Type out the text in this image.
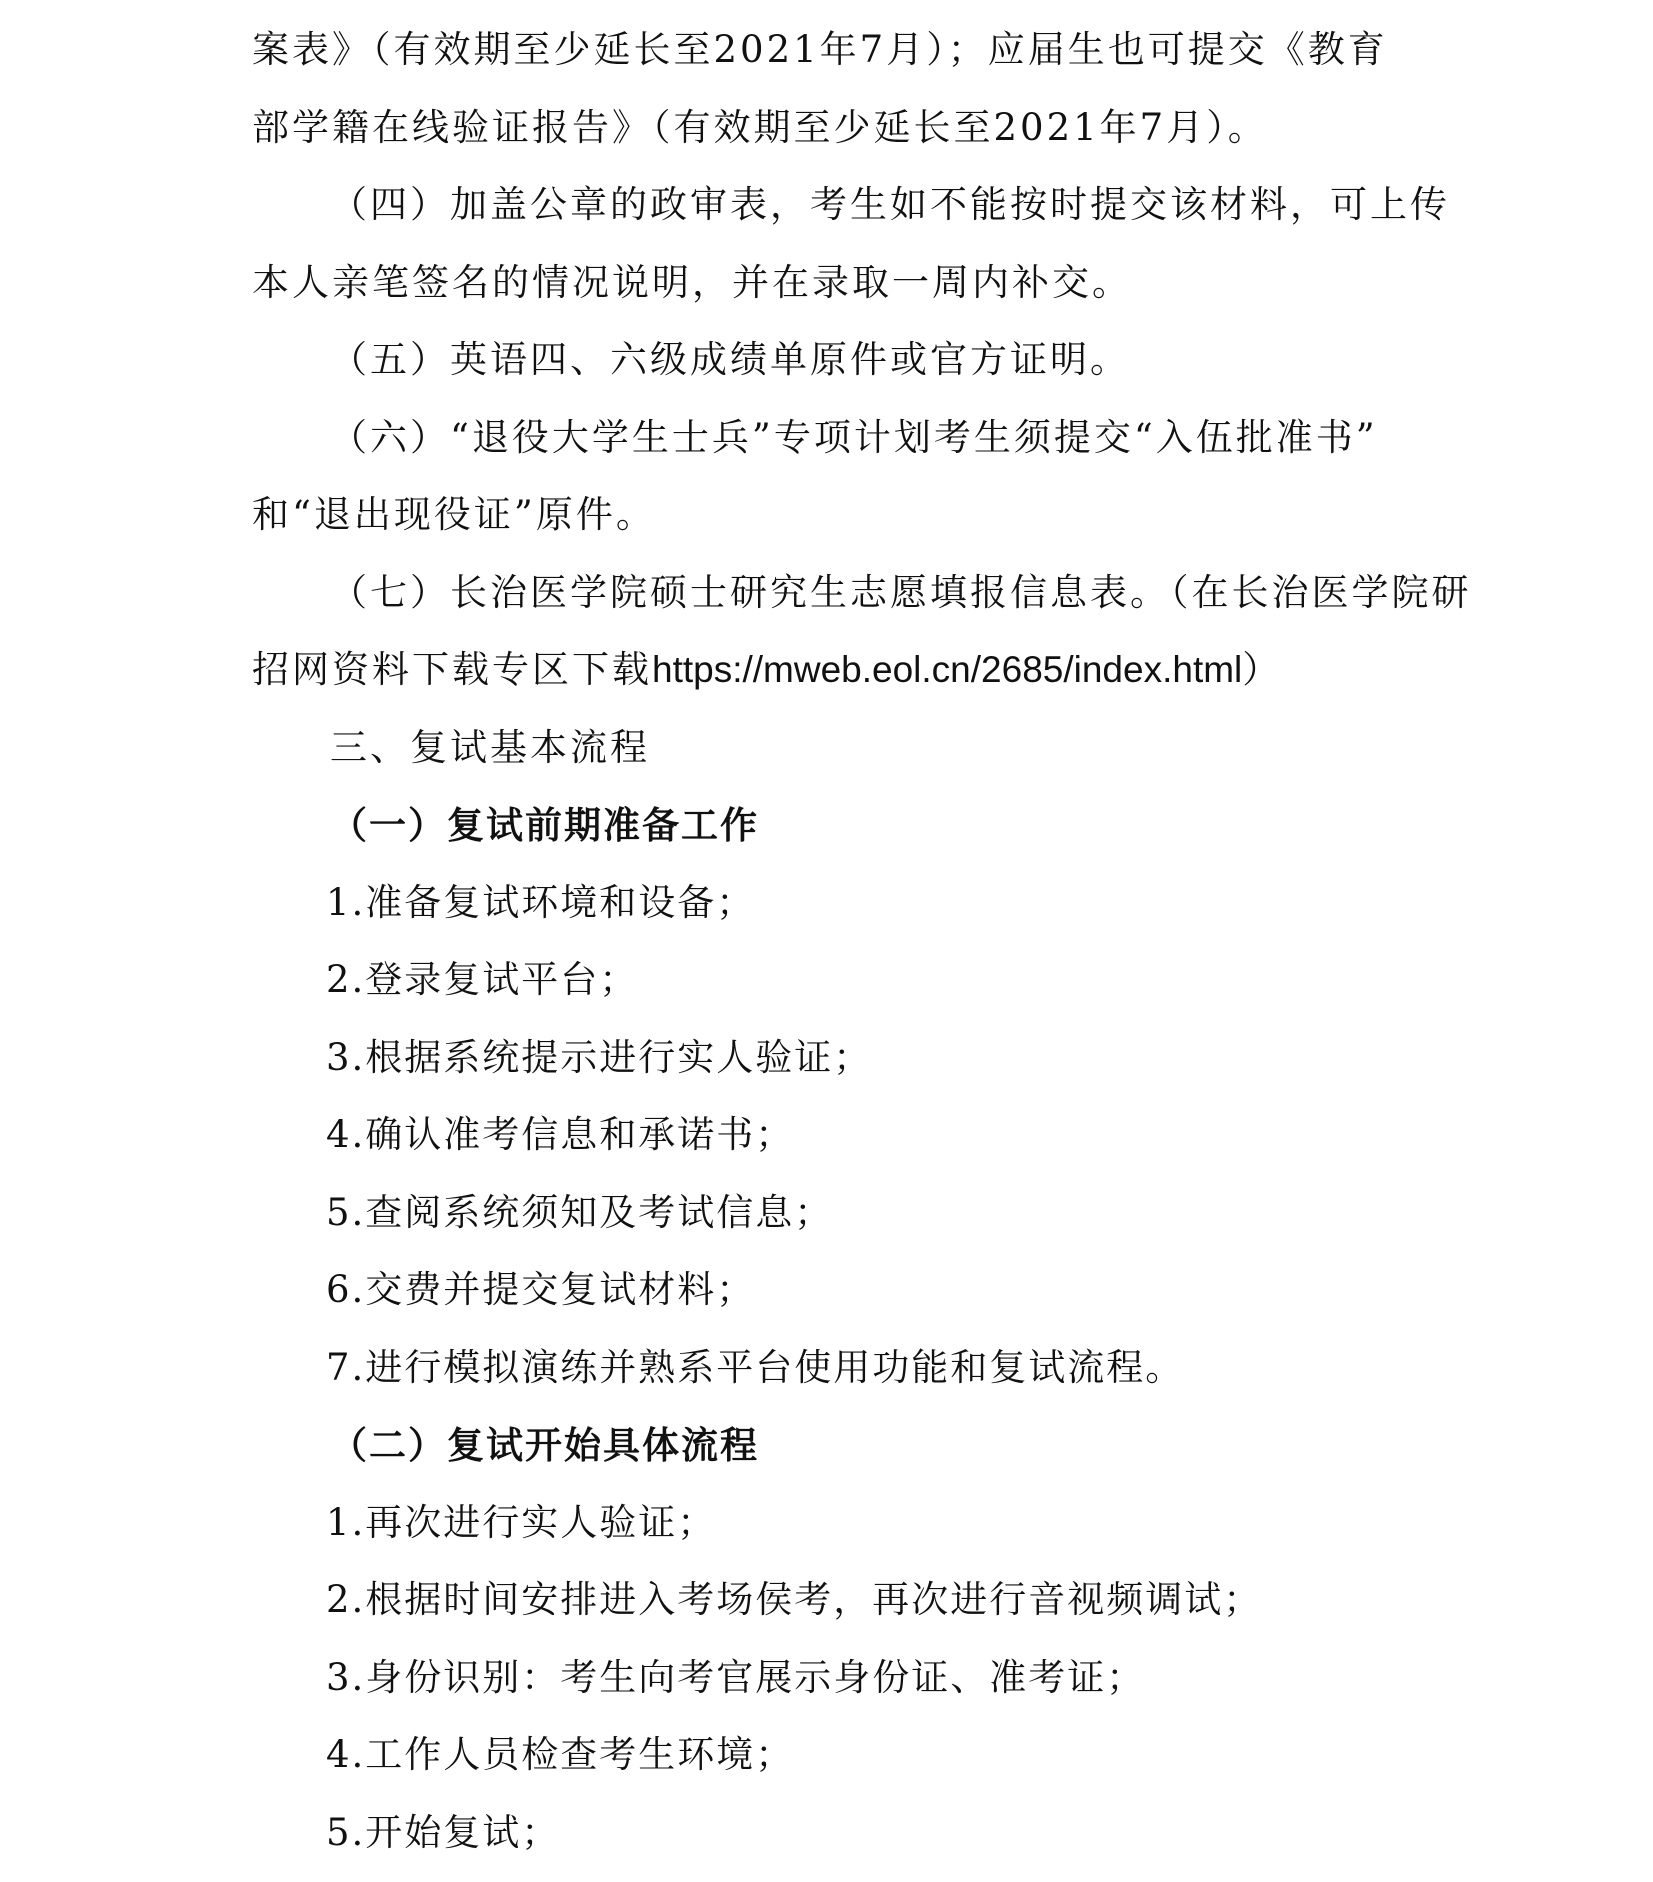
案表》（有效期至少延长至2021年7月）；应届生也可提交《教育
部学籍在线验证报告》（有效期至少延长至2021年7月）。
（四）加盖公章的政审表，考生如不能按时提交该材料，可上传
本人亲笔签名的情况说明，并在录取一周内补交。
（五）英语四、六级成绩单原件或官方证明。
（六）“退役大学生士兵”专项计划考生须提交“入伍批准书”
和“退出现役证”原件。
（七）长治医学院硕士研究生志愿填报信息表。（在长治医学院研
招网资料下载专区下载https://mweb.eol.cn/2685/index.html）
三、复试基本流程
（一）复试前期准备工作
1.准备复试环境和设备；
2.登录复试平台；
3.根据系统提示进行实人验证；
4.确认准考信息和承诺书；
5.查阅系统须知及考试信息；
6.交费并提交复试材料；
7.进行模拟演练并熟系平台使用功能和复试流程。
（二）复试开始具体流程
1.再次进行实人验证；
2.根据时间安排进入考场侯考，再次进行音视频调试；
3.身份识别：考生向考官展示身份证、准考证；
4.工作人员检查考生环境；
5.开始复试；
